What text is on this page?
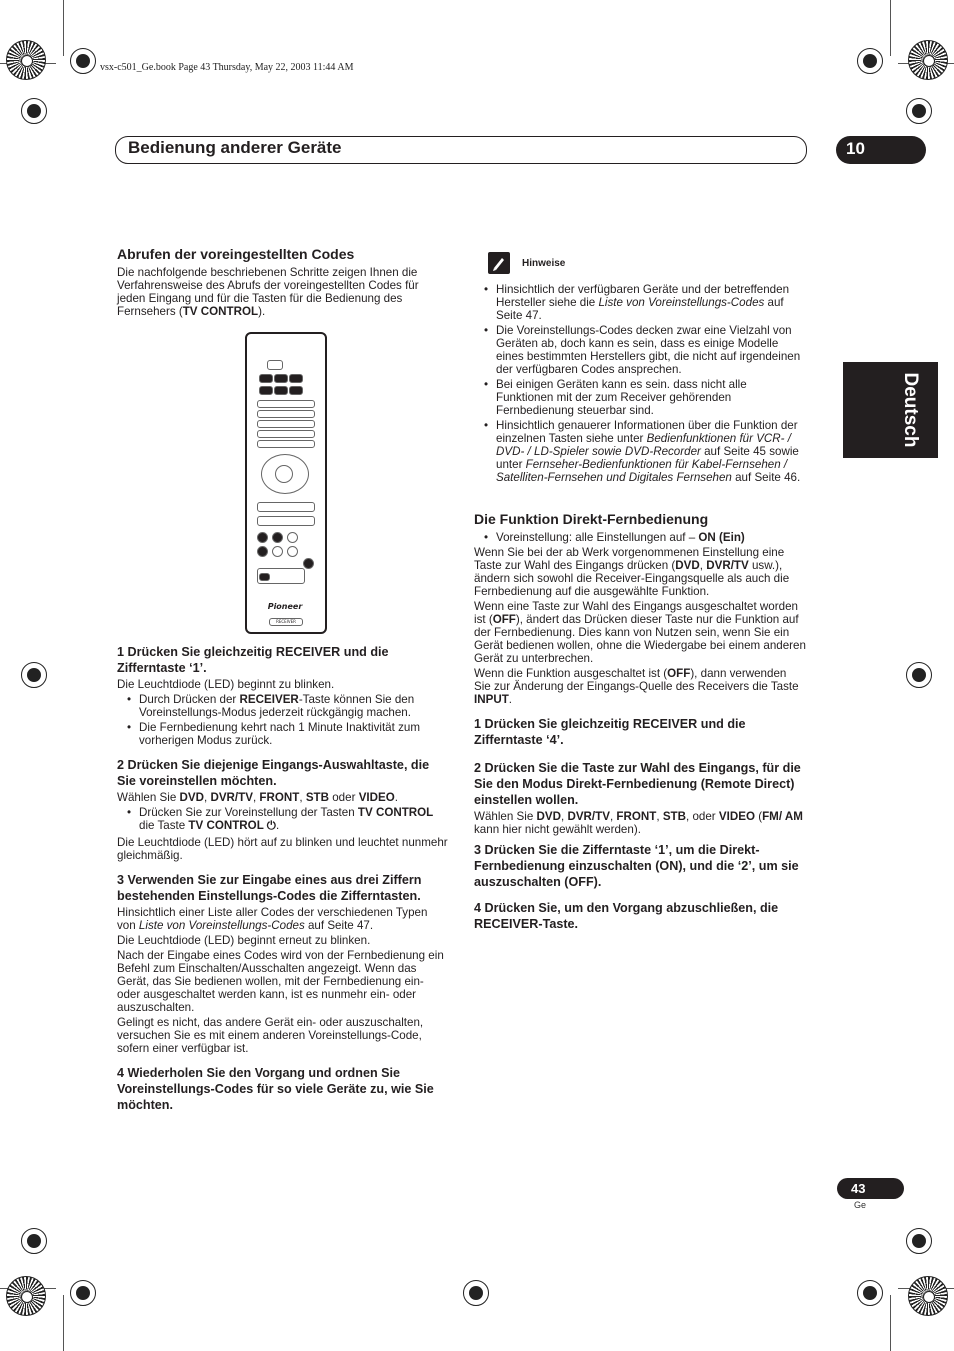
vsx-c501_Ge.book Page 43 Thursday, May 22, 2003 11:44 AM
Bedienung anderer Geräte	10
Deutsch
Abrufen der voreingestellten Codes

Die nachfolgende beschriebenen Schritte zeigen Ihnen die Verfahrensweise des Abrufs der voreingestellten Codes für jeden Eingang und für die Tasten für die Bedienung des Fernsehers (TV CONTROL).

Pioneer
RECEIVER

1 Drücken Sie gleichzeitig RECEIVER und die Zifferntaste ‘1’.

Die Leuchtdiode (LED) beginnt zu blinken.

• Durch Drücken der RECEIVER-Taste können Sie den Voreinstellungs-Modus jederzeit rückgängig machen.

• Die Fernbedienung kehrt nach 1 Minute Inaktivität zum vorherigen Modus zurück.

2 Drücken Sie diejenige Eingangs-Auswahltaste, die Sie voreinstellen möchten.

Wählen Sie DVD, DVR/TV, FRONT, STB oder VIDEO.

• Drücken Sie zur Voreinstellung der Tasten TV CONTROL die Taste TV CONTROL ⏻.

Die Leuchtdiode (LED) hört auf zu blinken und leuchtet nunmehr gleichmäßig.

3 Verwenden Sie zur Eingabe eines aus drei Ziffern bestehenden Einstellungs-Codes die Zifferntasten.

Hinsichtlich einer Liste aller Codes der verschiedenen Typen von Liste von Voreinstellungs-Codes auf Seite 47.

Die Leuchtdiode (LED) beginnt erneut zu blinken.

Nach der Eingabe eines Codes wird von der Fernbedienung ein Befehl zum Einschalten/Ausschalten angezeigt. Wenn das Gerät, das Sie bedienen wollen, mit der Fernbedienung ein- oder ausgeschaltet werden kann, ist es nunmehr ein- oder auszuschalten.

Gelingt es nicht, das andere Gerät ein- oder auszuschalten, versuchen Sie es mit einem anderen Voreinstellungs-Code, sofern einer verfügbar ist.

4 Wiederholen Sie den Vorgang und ordnen Sie Voreinstellungs-Codes für so viele Geräte zu, wie Sie möchten.

Hinweise

• Hinsichtlich der verfügbaren Geräte und der betreffenden Hersteller siehe die Liste von Voreinstellungs-Codes auf Seite 47.

• Die Voreinstellungs-Codes decken zwar eine Vielzahl von Geräten ab, doch kann es sein, dass es einige Modelle eines bestimmten Herstellers gibt, die nicht auf irgendeinen der verfügbaren Codes ansprechen.

• Bei einigen Geräten kann es sein. dass nicht alle Funktionen mit der zum Receiver gehörenden Fernbedienung steuerbar sind.

• Hinsichtlich genauerer Informationen über die Funktion der einzelnen Tasten siehe unter Bedienfunktionen für VCR- / DVD- / LD-Spieler sowie DVD-Recorder auf Seite 45 sowie unter Fernseher-Bedienfunktionen für Kabel-Fernsehen / Satelliten-Fernsehen und Digitales Fernsehen auf Seite 46.

Die Funktion Direkt-Fernbedienung

• Voreinstellung: alle Einstellungen auf – ON (Ein)

Wenn Sie bei der ab Werk vorgenommenen Einstellung eine Taste zur Wahl des Eingangs drücken (DVD, DVR/TV usw.), ändern sich sowohl die Receiver-Eingangsquelle als auch die Fernbedienung auf die ausgewählte Funktion.

Wenn eine Taste zur Wahl des Eingangs ausgeschaltet worden ist (OFF), ändert das Drücken dieser Taste nur die Funktion auf der Fernbedienung. Dies kann von Nutzen sein, wenn Sie ein Gerät bedienen wollen, ohne die Wiedergabe bei einem anderen Gerät zu unterbrechen.

Wenn die Funktion ausgeschaltet ist (OFF), dann verwenden Sie zur Änderung der Eingangs-Quelle des Receivers die Taste INPUT.

1 Drücken Sie gleichzeitig RECEIVER und die Zifferntaste ‘4’.

2 Drücken Sie die Taste zur Wahl des Eingangs, für die Sie den Modus Direkt-Fernbedienung (Remote Direct) einstellen wollen.

Wählen Sie DVD, DVR/TV, FRONT, STB, oder VIDEO (FM/ AM kann hier nicht gewählt werden).

3 Drücken Sie die Zifferntaste ‘1’, um die Direkt-Fernbedienung einzuschalten (ON), und die ‘2’, um sie auszuschalten (OFF).

4 Drücken Sie, um den Vorgang abzuschließen, die RECEIVER-Taste.

43
Ge
